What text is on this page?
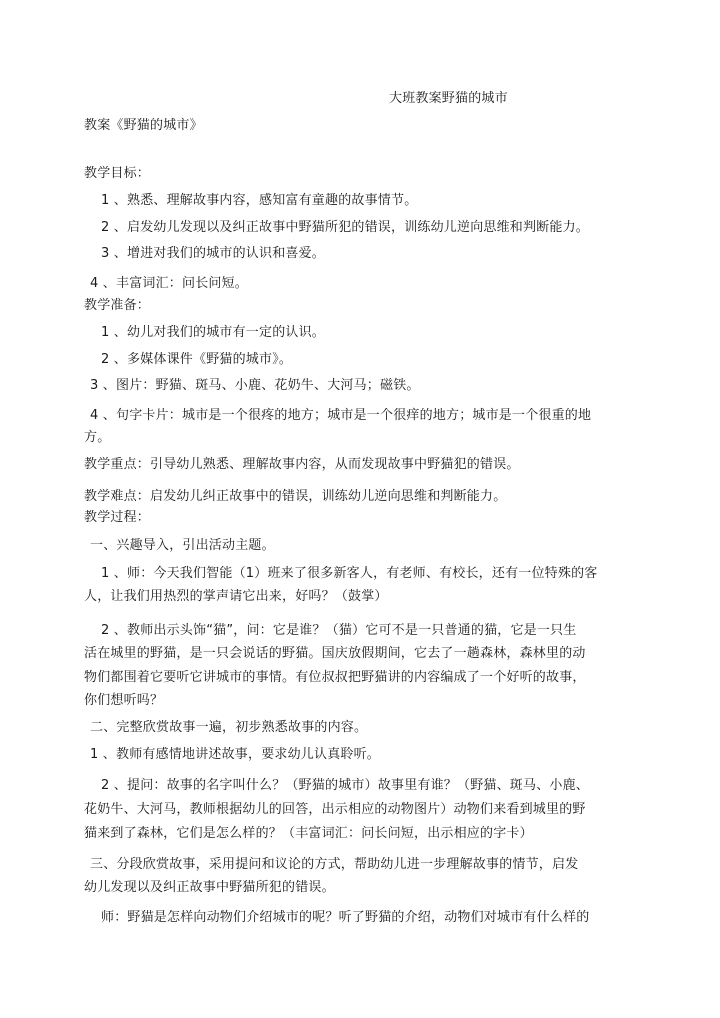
大班教案野猫的城市
教案《野猫的城市》
教学目标：
1 、熟悉、理解故事内容，感知富有童趣的故事情节。
2 、启发幼儿发现以及纠正故事中野猫所犯的错误，训练幼儿逆向思维和判断能力。
3 、增进对我们的城市的认识和喜爱。
4 、丰富词汇：问长问短。
教学准备：
1 、幼儿对我们的城市有一定的认识。
2 、多媒体课件《野猫的城市》。
3 、图片：野猫、斑马、小鹿、花奶牛、大河马；磁铁。
4 、句字卡片：城市是一个很疼的地方；城市是一个很痒的地方；城市是一个很重的地
方。
教学重点：引导幼儿熟悉、理解故事内容，从而发现故事中野猫犯的错误。
教学难点：启发幼儿纠正故事中的错误，训练幼儿逆向思维和判断能力。
教学过程：
一、兴趣导入，引出活动主题。
1 、师：今天我们智能（1）班来了很多新客人，有老师、有校长，还有一位特殊的客
人，让我们用热烈的掌声请它出来，好吗？（鼓掌）
2 、教师出示头饰“猫”，问：它是谁？（猫）它可不是一只普通的猫，它是一只生
活在城里的野猫，是一只会说话的野猫。国庆放假期间，它去了一趟森林，森林里的动
物们都围着它要听它讲城市的事情。有位叔叔把野猫讲的内容编成了一个好听的故事，
你们想听吗？
二、完整欣赏故事一遍，初步熟悉故事的内容。
1 、教师有感情地讲述故事，要求幼儿认真聆听。
2 、提问：故事的名字叫什么？（野猫的城市）故事里有谁？（野猫、斑马、小鹿、
花奶牛、大河马，教师根据幼儿的回答，出示相应的动物图片）动物们来看到城里的野
猫来到了森林，它们是怎么样的？（丰富词汇：问长问短，出示相应的字卡）
三、分段欣赏故事，采用提问和议论的方式，帮助幼儿进一步理解故事的情节，启发
幼儿发现以及纠正故事中野猫所犯的错误。
师：野猫是怎样向动物们介绍城市的呢？听了野猫的介绍，动物们对城市有什么样的
